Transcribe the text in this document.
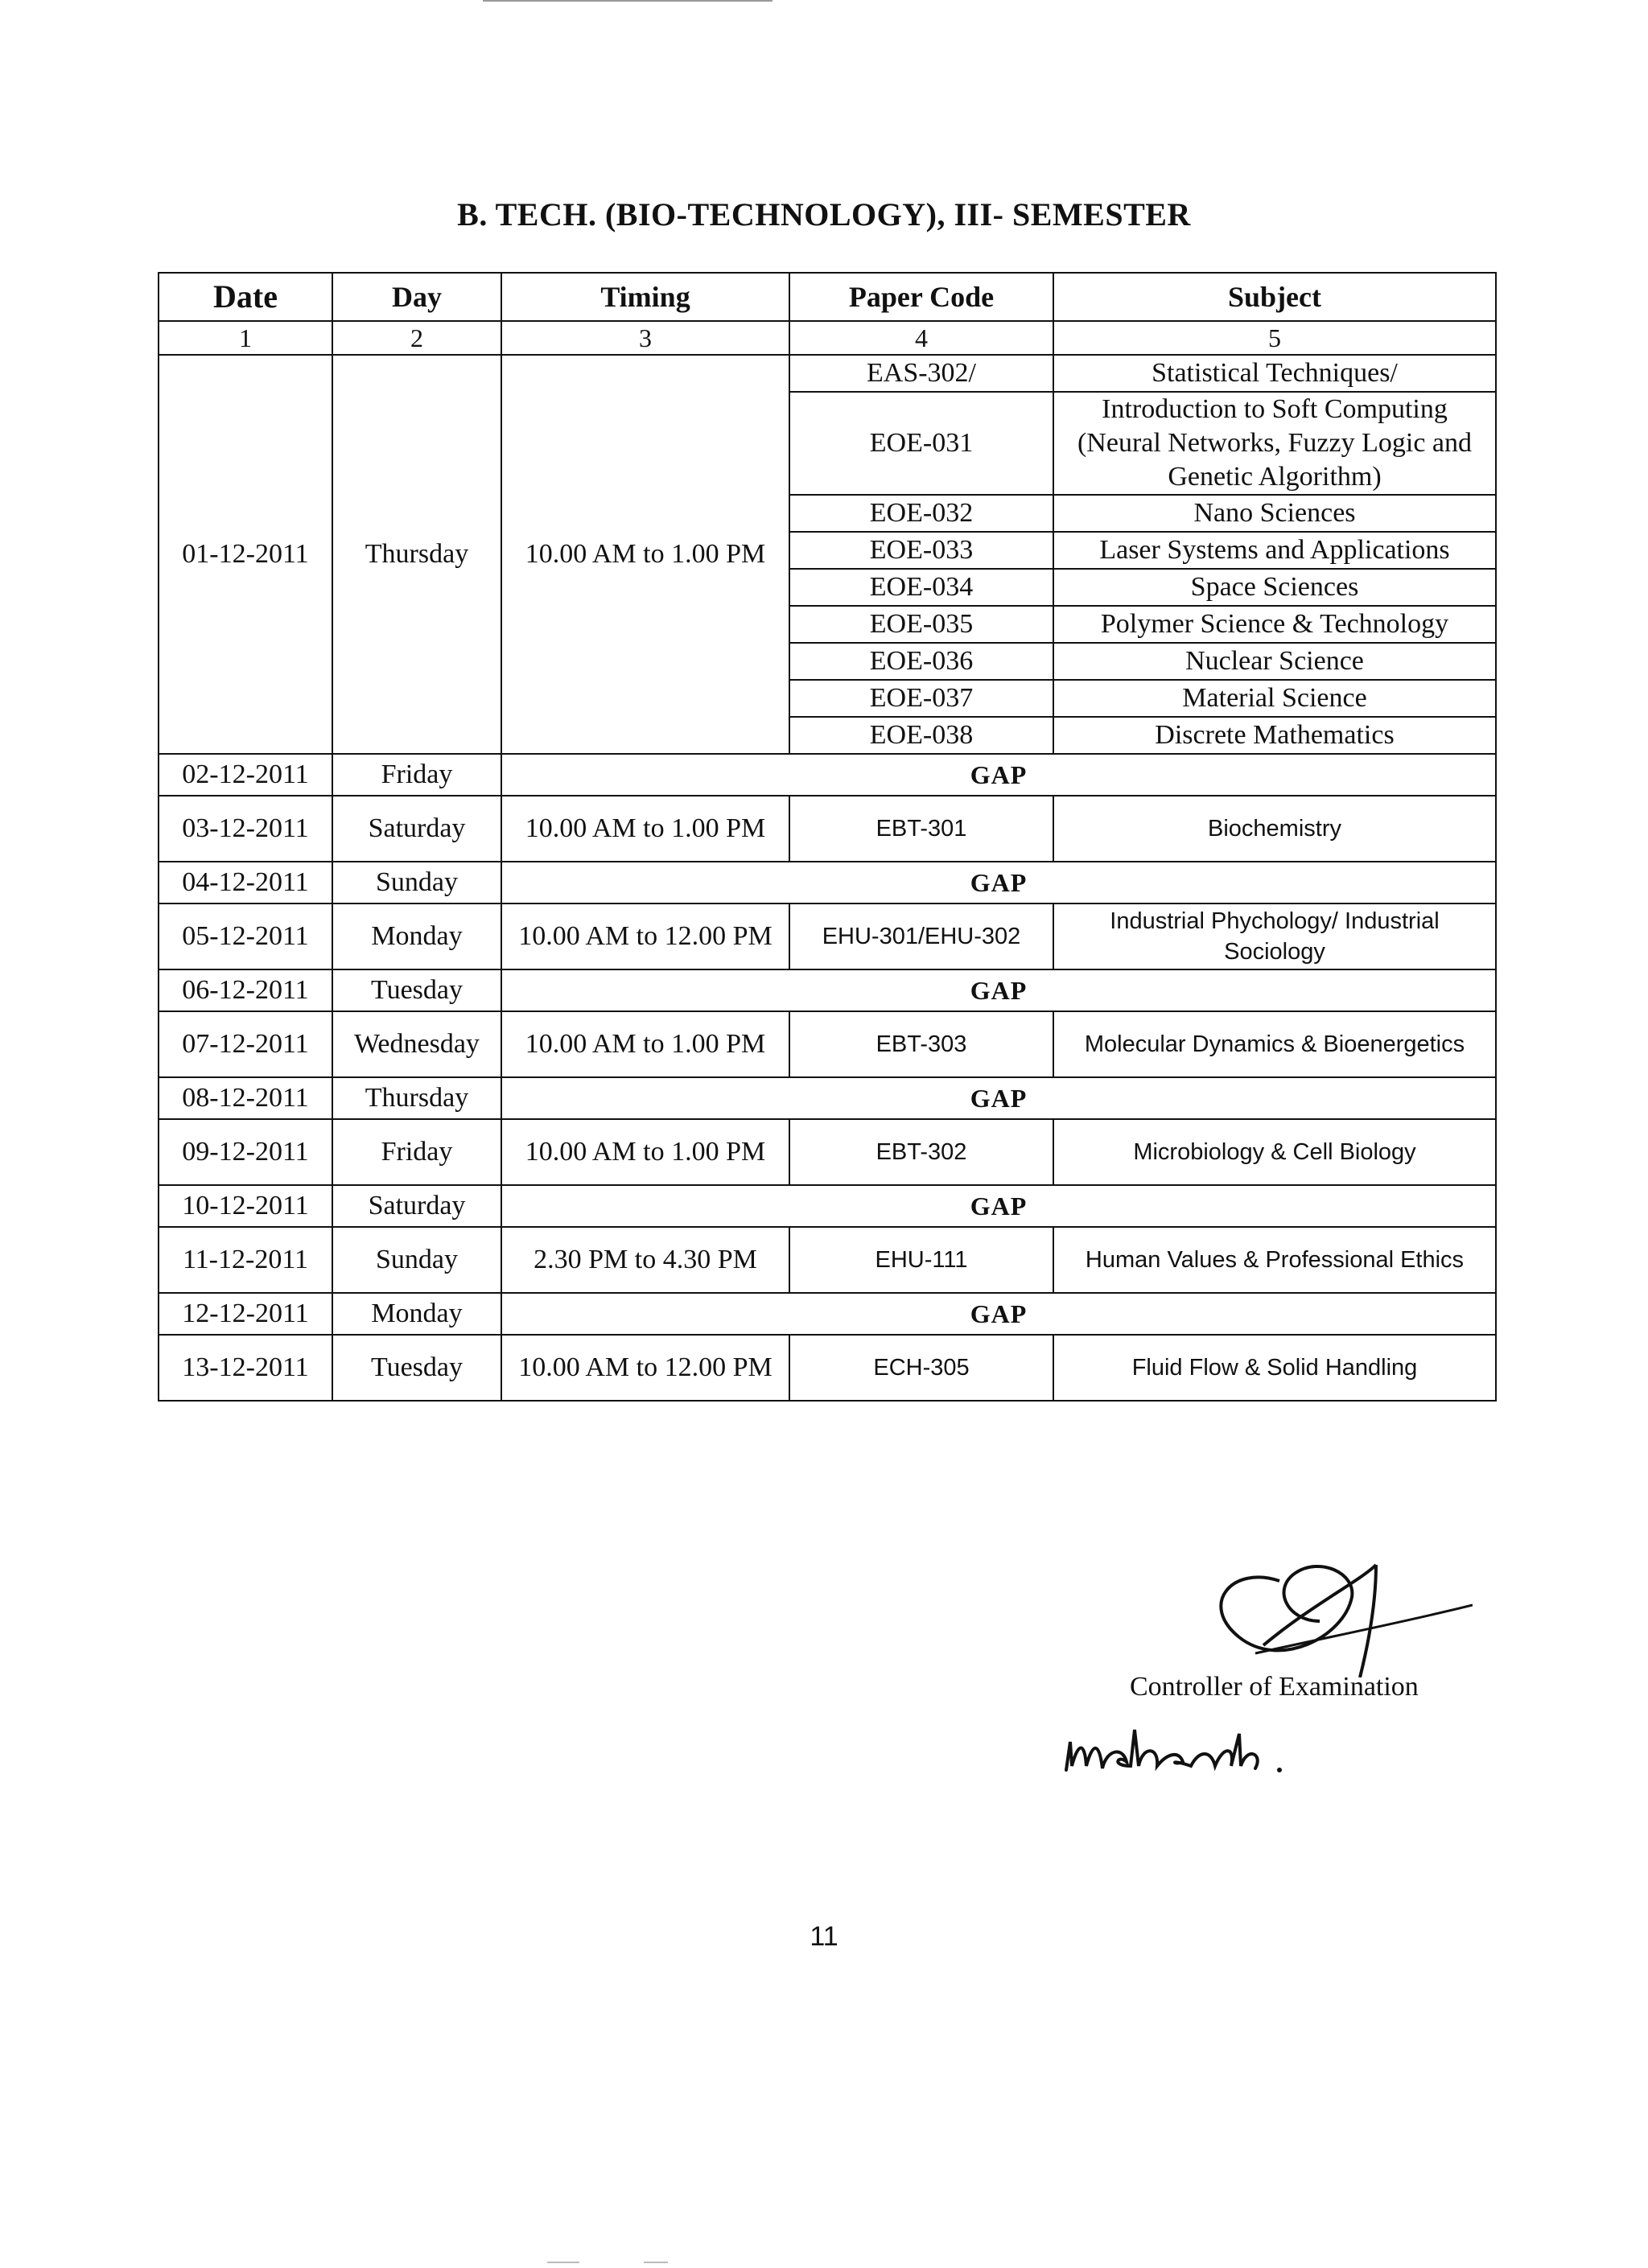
B. TECH. (BIO-TECHNOLOGY), III- SEMESTER
Date	Day	Timing	Paper Code	Subject
1	2	3	4	5
01-12-2011	Thursday	10.00 AM to 1.00 PM	EAS-302/	Statistical Techniques/
			EOE-031	Introduction to Soft Computing (Neural Networks, Fuzzy Logic and Genetic Algorithm)
			EOE-032	Nano Sciences
			EOE-033	Laser Systems and Applications
			EOE-034	Space Sciences
			EOE-035	Polymer Science & Technology
			EOE-036	Nuclear Science
			EOE-037	Material Science
			EOE-038	Discrete Mathematics
02-12-2011	Friday	GAP		
03-12-2011	Saturday	10.00 AM to 1.00 PM	EBT-301	Biochemistry
04-12-2011	Sunday	GAP		
05-12-2011	Monday	10.00 AM to 12.00 PM	EHU-301/EHU-302	Industrial Phychology/ Industrial Sociology
06-12-2011	Tuesday	GAP		
07-12-2011	Wednesday	10.00 AM to 1.00 PM	EBT-303	Molecular Dynamics & Bioenergetics
08-12-2011	Thursday	GAP		
09-12-2011	Friday	10.00 AM to 1.00 PM	EBT-302	Microbiology & Cell Biology
10-12-2011	Saturday	GAP		
11-12-2011	Sunday	2.30 PM to 4.30 PM	EHU-111	Human Values & Professional Ethics
12-12-2011	Monday	GAP		
13-12-2011	Tuesday	10.00 AM to 12.00 PM	ECH-305	Fluid Flow & Solid Handling
Controller of Examination
11
